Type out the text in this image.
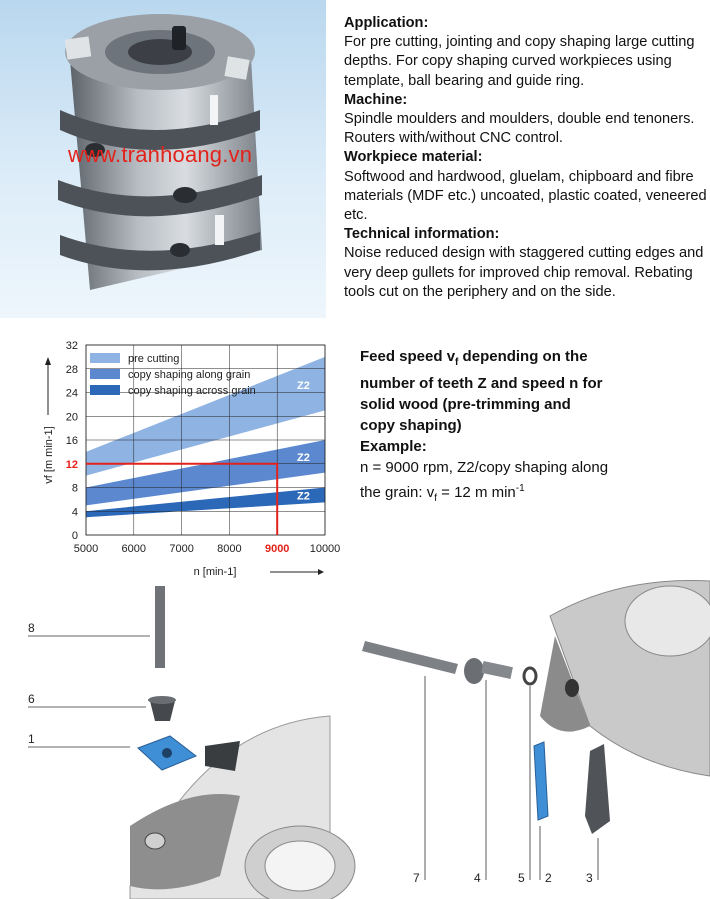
www.tranhoang.vn

Application:

For pre cutting, jointing and copy shaping large cutting depths. For copy shaping curved workpieces using template, ball bearing and guide ring.

Machine:

Spindle moulders and moulders, double end tenoners. Routers with/without CNC control.

Workpiece material:

Softwood and hardwood, gluelam, chipboard and fibre materials (MDF etc.) uncoated, plastic coated, veneered etc.

Technical information:

Noise reduced design with staggered cutting edges and very deep gullets for improved chip removal. Rebating tools cut on the periphery and on the side.

Z2
Z2
Z2
0
4
8
12
16
20
24
28
32
5000 6000 7000 8000 9000 10000
pre cutting
copy shaping along grain
copy shaping across grain
n [min-1]
vf [m min-1]

Feed speed $v_f$ depending on the

number of teeth Z and speed n for

solid wood (pre-trimming and

copy shaping)

Example:

n = 9000 rpm, Z2/copy shaping along

the grain: $v_f = 12$ m $\min^{-1}$

8
6
1
7	4	5 2	3
